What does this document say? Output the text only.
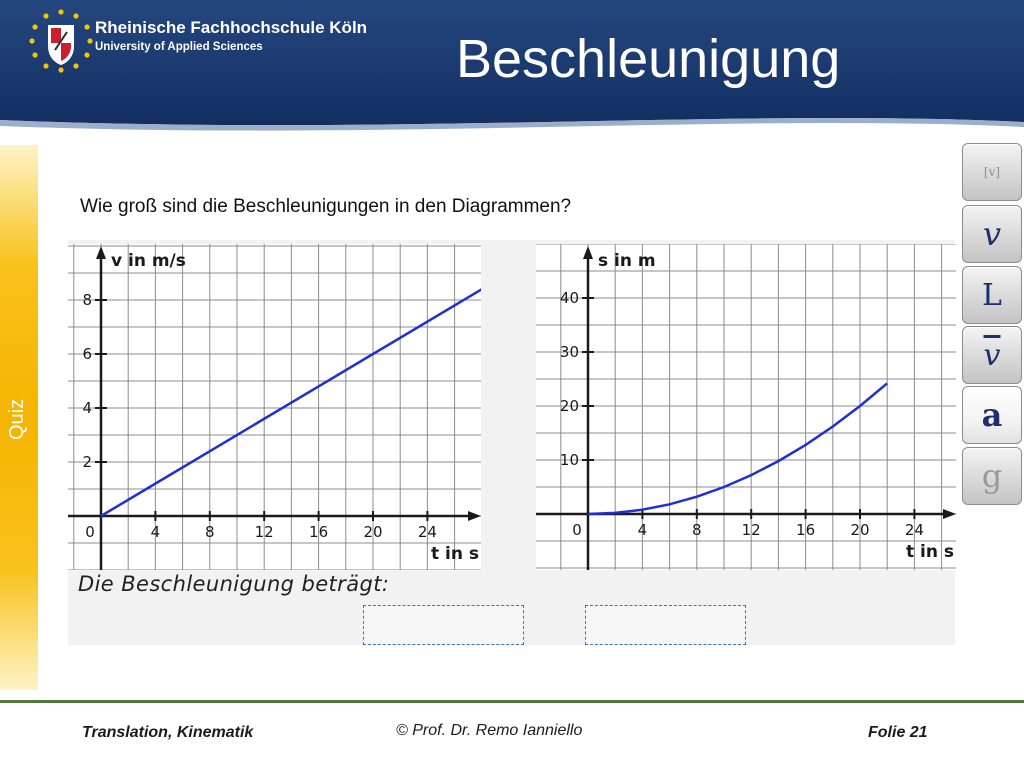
Rheinische Fachhochschule Köln
University of Applied Sciences	Beschleunigung
Quiz
Wie groß sind die Beschleunigungen in den Diagrammen?
0	4	8	12 16 20 24
2
4
6
8
v in m/s
t in s
0	4	8	12 16 20 24
10
20
30
40
s in m
t in s
Die Beschleunigung beträgt:
[v]
v
L
$\overline{v}$
a
g
Translation, Kinematik	© Prof. Dr. Remo Ianniello	Folie 21
